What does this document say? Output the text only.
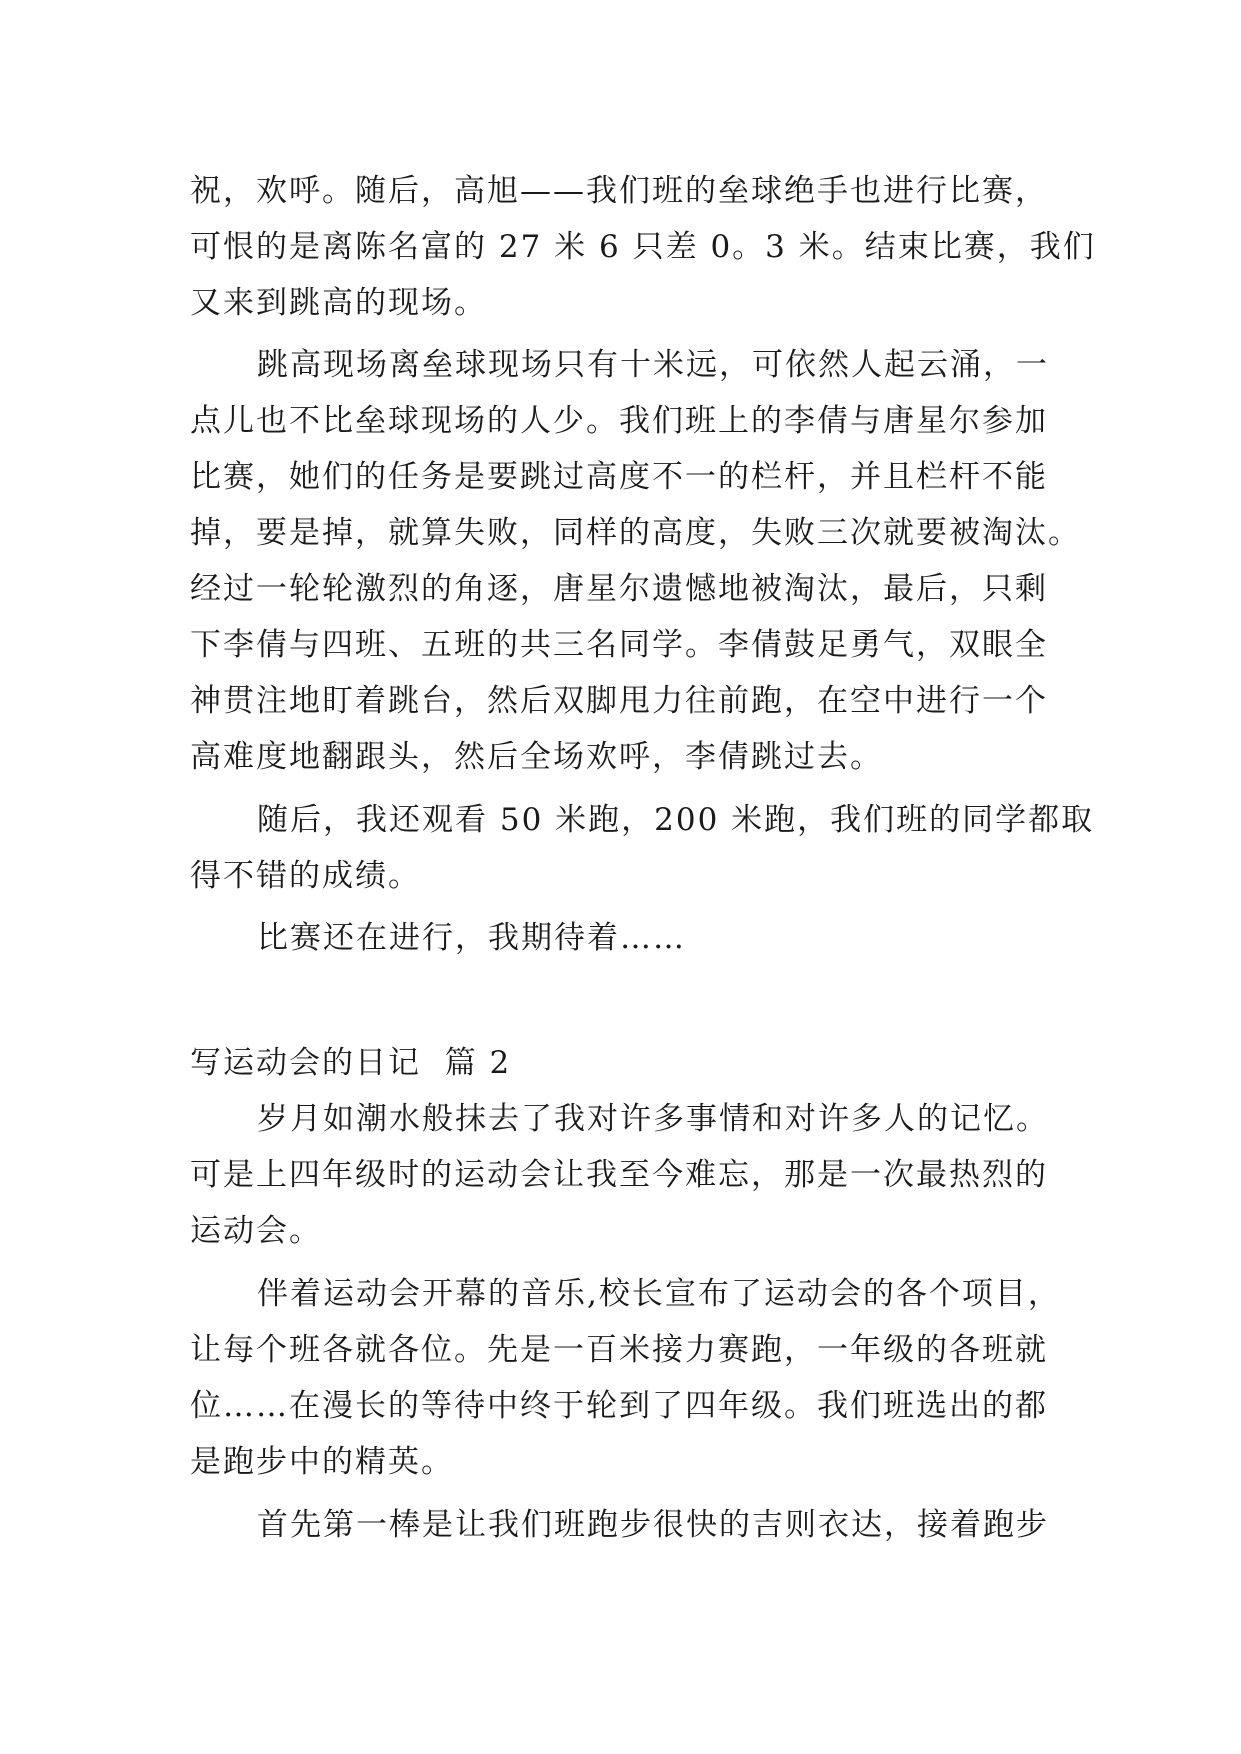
祝，欢呼。随后，高旭——我们班的垒球绝手也进行比赛，
可恨的是离陈名富的 27 米 6 只差 0。3 米。结束比赛，我们
又来到跳高的现场。
跳高现场离垒球现场只有十米远，可依然人起云涌，一
点儿也不比垒球现场的人少。我们班上的李倩与唐星尔参加
比赛，她们的任务是要跳过高度不一的栏杆，并且栏杆不能
掉，要是掉，就算失败，同样的高度，失败三次就要被淘汰。
经过一轮轮激烈的角逐，唐星尔遗憾地被淘汰，最后，只剩
下李倩与四班、五班的共三名同学。李倩鼓足勇气，双眼全
神贯注地盯着跳台，然后双脚甩力往前跑，在空中进行一个
高难度地翻跟头，然后全场欢呼，李倩跳过去。
随后，我还观看 50 米跑，200 米跑，我们班的同学都取
得不错的成绩。
比赛还在进行，我期待着……
写运动会的日记  篇 2
岁月如潮水般抹去了我对许多事情和对许多人的记忆。
可是上四年级时的运动会让我至今难忘，那是一次最热烈的
运动会。
伴着运动会开幕的音乐,校长宣布了运动会的各个项目，
让每个班各就各位。先是一百米接力赛跑，一年级的各班就
位……在漫长的等待中终于轮到了四年级。我们班选出的都
是跑步中的精英。
首先第一棒是让我们班跑步很快的吉则衣达，接着跑步
